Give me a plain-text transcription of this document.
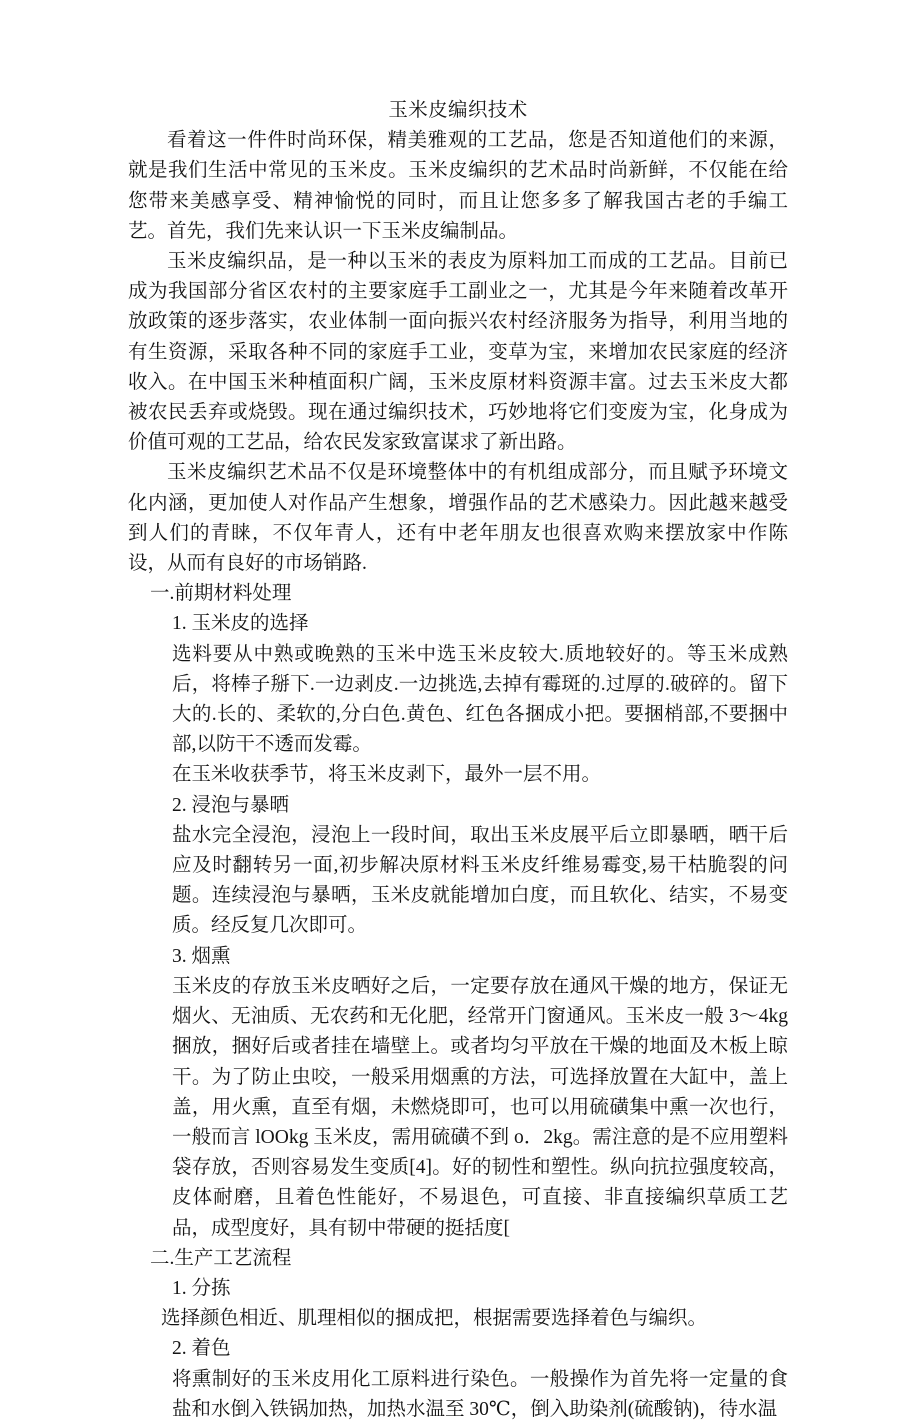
玉米皮编织技术

看着这一件件时尚环保，精美雅观的工艺品，您是否知道他们的来源，就是我们生活中常见的玉米皮。玉米皮编织的艺术品时尚新鲜，不仅能在给您带来美感享受、精神愉悦的同时，而且让您多多了解我国古老的手编工艺。首先，我们先来认识一下玉米皮编制品。

玉米皮编织品，是一种以玉米的表皮为原料加工而成的工艺品。目前已成为我国部分省区农村的主要家庭手工副业之一，尤其是今年来随着改革开放政策的逐步落实，农业体制一面向振兴农村经济服务为指导，利用当地的有生资源，采取各种不同的家庭手工业，变草为宝，来增加农民家庭的经济收入。在中国玉米种植面积广阔，玉米皮原材料资源丰富。过去玉米皮大都被农民丢弃或烧毁。现在通过编织技术，巧妙地将它们变废为宝，化身成为价值可观的工艺品，给农民发家致富谋求了新出路。

玉米皮编织艺术品不仅是环境整体中的有机组成部分，而且赋予环境文化内涵，更加使人对作品产生想象，增强作品的艺术感染力。因此越来越受到人们的青睐，不仅年青人，还有中老年朋友也很喜欢购来摆放家中作陈设，从而有良好的市场销路.

一.前期材料处理

1. 玉米皮的选择

选料要从中熟或晚熟的玉米中选玉米皮较大.质地较好的。等玉米成熟后，将棒子掰下.一边剥皮.一边挑选,去掉有霉斑的.过厚的.破碎的。留下大的.长的、柔软的,分白色.黄色、红色各捆成小把。要捆梢部,不要捆中部,以防干不透而发霉。

在玉米收获季节，将玉米皮剥下，最外一层不用。

2. 浸泡与暴晒

盐水完全浸泡，浸泡上一段时间，取出玉米皮展平后立即暴晒，晒干后应及时翻转另一面,初步解决原材料玉米皮纤维易霉变,易干枯脆裂的问题。连续浸泡与暴晒，玉米皮就能增加白度，而且软化、结实，不易变质。经反复几次即可。

3. 烟熏

玉米皮的存放玉米皮晒好之后，一定要存放在通风干燥的地方，保证无烟火、无油质、无农药和无化肥，经常开门窗通风。玉米皮一般 3～4kg 捆放，捆好后或者挂在墙壁上。或者均匀平放在干燥的地面及木板上晾干。为了防止虫咬，一般采用烟熏的方法，可选择放置在大缸中，盖上盖，用火熏，直至有烟，未燃烧即可，也可以用硫磺集中熏一次也行，一般而言 lOOkg 玉米皮，需用硫磺不到 o．2kg。需注意的是不应用塑料袋存放，否则容易发生变质[4]。好的韧性和塑性。纵向抗拉强度较高，皮体耐磨，且着色性能好，不易退色，可直接、非直接编织草质工艺品，成型度好，具有韧中带硬的挺括度[

二.生产工艺流程

1. 分拣

选择颜色相近、肌理相似的捆成把，根据需要选择着色与编织。

2. 着色

将熏制好的玉米皮用化工原料进行染色。一般操作为首先将一定量的食盐和水倒入铁锅加热，加热水温至 30℃，倒入助染剂(硫酸钠)，待水温
